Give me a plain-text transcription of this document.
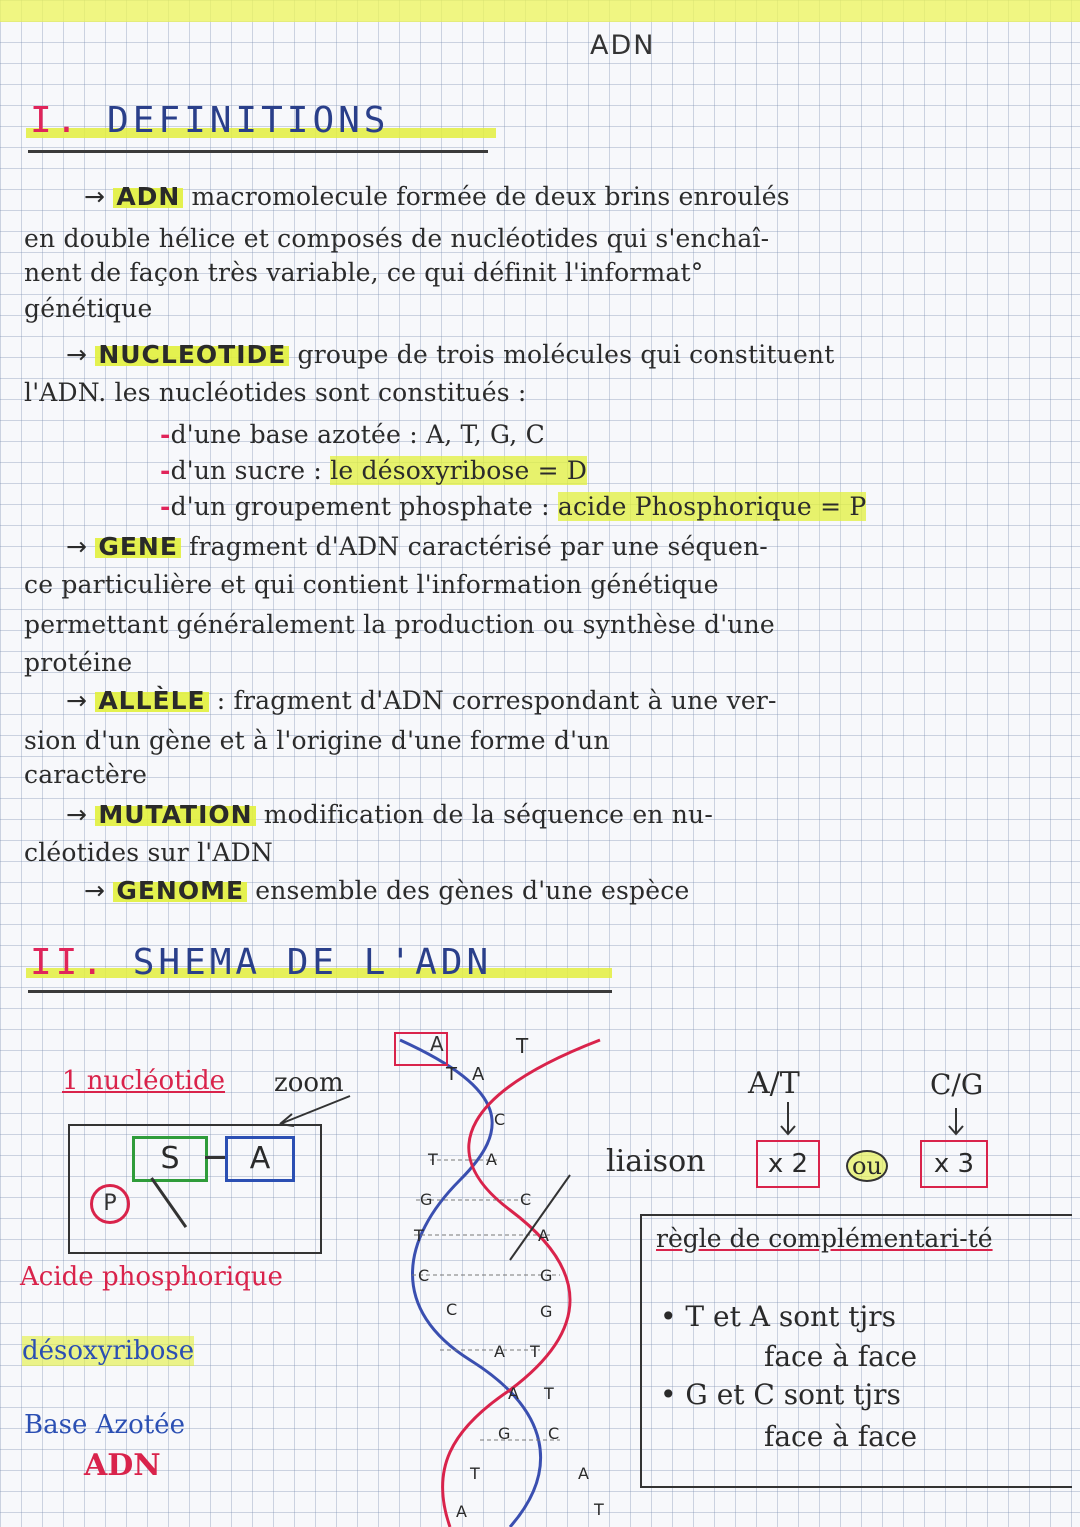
ADN
I. DEFINITIONS
→ ADN macromolecule formée de deux brins enroulés
en double hélice et composés de nucléotides qui s'enchaî-
nent de façon très variable, ce qui définit l'informat°
génétique
→ NUCLEOTIDE groupe de trois molécules qui constituent
l'ADN. les nucléotides sont constitués :
-d'une base azotée : A, T, G, C
-d'un sucre : le désoxyribose = D
-d'un groupement phosphate : acide Phosphorique = P
→ GENE fragment d'ADN caractérisé par une séquen-
ce particulière et qui contient l'information génétique
permettant généralement la production ou synthèse d'une
protéine
→ ALLÈLE : fragment d'ADN correspondant à une ver-
sion d'un gène et à l'origine d'une forme d'un
caractère
→ MUTATION modification de la séquence en nu-
cléotides sur l'ADN
→ GENOME ensemble des gènes d'une espèce
II. SHEMA DE L'ADN
1 nucléotide zoom
S	A
P
Acide phosphorique
désoxyribose
Base Azotée
ADN
A	T
T A
C
T	A
G	C
T	A
C	G
C	G
A T
A T
G C
T	A
A	T
A/T	C/G
liaison	x 2	ou	x 3
règle de complémentari-té
• T et A sont tjrs
face à face
• G et C sont tjrs
face à face
